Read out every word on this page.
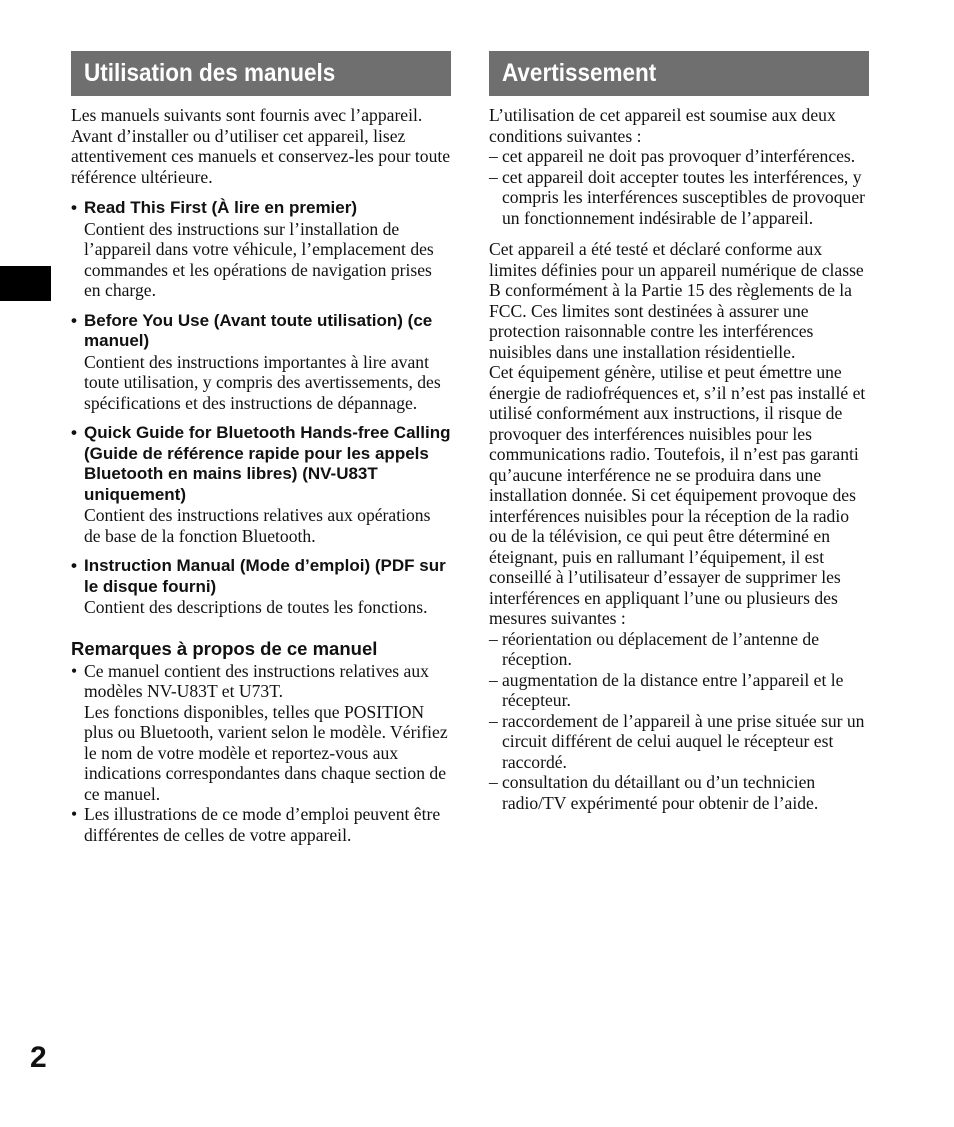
Utilisation des manuels

Les manuels suivants sont fournis avec l’appareil.

Avant d’installer ou d’utiliser cet appareil, lisez attentivement ces manuels et conservez-les pour toute référence ultérieure.

• Read This First (À lire en premier)

Contient des instructions sur l’installation de l’appareil dans votre véhicule, l’emplacement des commandes et les opérations de navigation prises en charge.

• Before You Use (Avant toute utilisation) (ce manuel)

Contient des instructions importantes à lire avant toute utilisation, y compris des avertissements, des spécifications et des instructions de dépannage.

• Quick Guide for Bluetooth Hands-free Calling (Guide de référence rapide pour les appels Bluetooth en mains libres) (NV-U83T uniquement)

Contient des instructions relatives aux opérations de base de la fonction Bluetooth.

• Instruction Manual (Mode d’emploi) (PDF sur le disque fourni)

Contient des descriptions de toutes les fonctions.

Remarques à propos de ce manuel

• Ce manuel contient des instructions relatives aux modèles NV-U83T et U73T.

Les fonctions disponibles, telles que POSITION plus ou Bluetooth, varient selon le modèle. Vérifiez le nom de votre modèle et reportez-vous aux indications correspondantes dans chaque section de ce manuel.

• Les illustrations de ce mode d’emploi peuvent être différentes de celles de votre appareil.

Avertissement

L’utilisation de cet appareil est soumise aux deux conditions suivantes :

– cet appareil ne doit pas provoquer d’interférences.

– cet appareil doit accepter toutes les interférences, y compris les interférences susceptibles de provoquer un fonctionnement indésirable de l’appareil.

Cet appareil a été testé et déclaré conforme aux limites définies pour un appareil numérique de classe B conformément à la Partie 15 des règlements de la FCC. Ces limites sont destinées à assurer une protection raisonnable contre les interférences nuisibles dans une installation résidentielle.

Cet équipement génère, utilise et peut émettre une énergie de radiofréquences et, s’il n’est pas installé et utilisé conformément aux instructions, il risque de provoquer des interférences nuisibles pour les communications radio. Toutefois, il n’est pas garanti qu’aucune interférence ne se produira dans une installation donnée. Si cet équipement provoque des interférences nuisibles pour la réception de la radio ou de la télévision, ce qui peut être déterminé en éteignant, puis en rallumant l’équipement, il est conseillé à l’utilisateur d’essayer de supprimer les interférences en appliquant l’une ou plusieurs des mesures suivantes :

– réorientation ou déplacement de l’antenne de réception.

– augmentation de la distance entre l’appareil et le récepteur.

– raccordement de l’appareil à une prise située sur un circuit différent de celui auquel le récepteur est raccordé.

– consultation du détaillant ou d’un technicien radio/TV expérimenté pour obtenir de l’aide.

2
